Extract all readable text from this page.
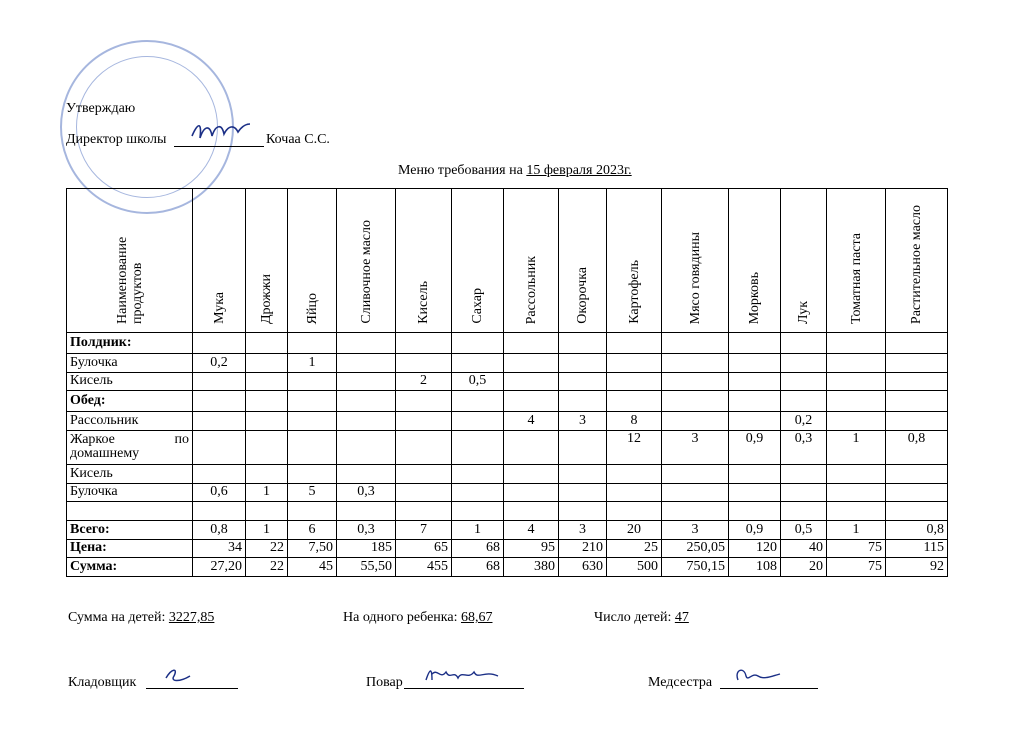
Утверждаю
Директор школы	Кочаа С.С.
Меню требования на 15 февраля 2023г.
Наименование продуктов	Мука	Дрожжи	Яйцо	Сливочное масло	Кисель	Сахар	Рассольник	Окорочка	Картофель	Мясо говядины	Морковь	Лук	Томатная паста	Растительное масло
Полдник:														
Булочка	0,2		1											
Кисель					2	0,5								
Обед:														
Рассольник							4	3	8			0,2		

Жаркое по
домашнему									12	3	0,9	0,3	1	0,8
Кисель														
Булочка	0,6	1	5	0,3										

Всего:	0,8	1	6	0,3	7	1	4	3	20	3	0,9	0,5	1	0,8
Цена:	34	22	7,50	185	65	68	95	210	25	250,05	120	40	75	115
Сумма:	27,20	22	45	55,50	455	68	380	630	500	750,15	108	20	75	92
Сумма на детей: 3227,85	На одного ребенка: 68,67	Число детей: 47
Кладовщик	Повар	Медсестра
